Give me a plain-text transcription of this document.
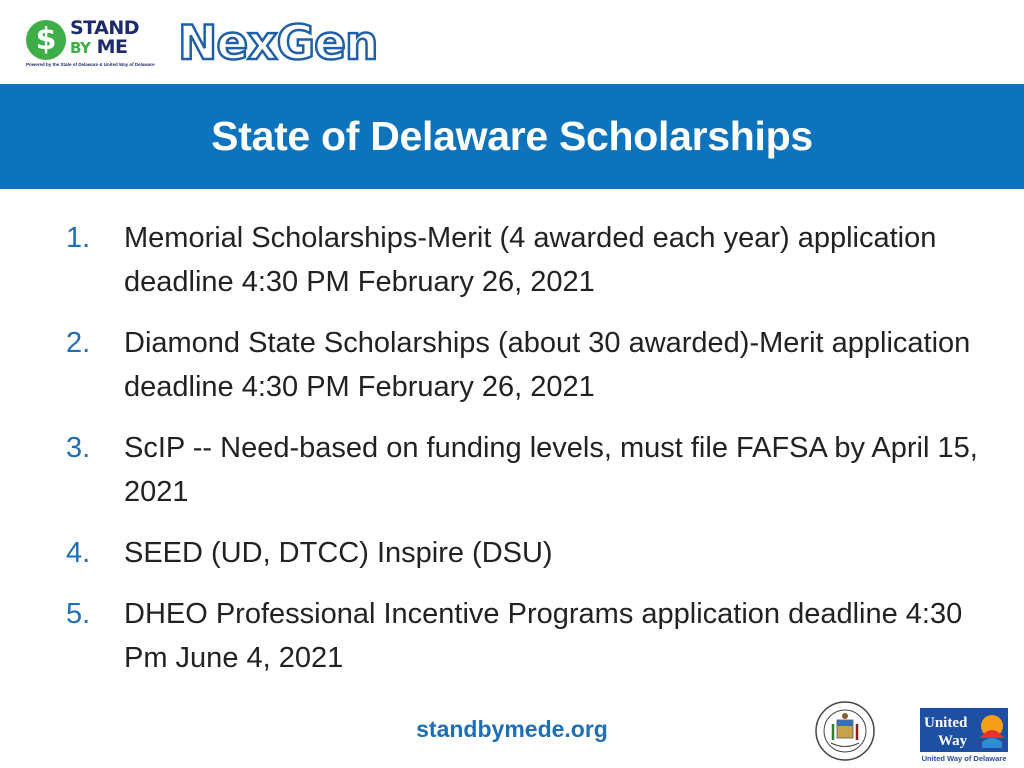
$ STAND
BY ME
Powered by the State of Delaware & United Way of Delaware NexGen
State of Delaware Scholarships
1.	Memorial Scholarships-Merit (4 awarded each year) application deadline 4:30 PM February 26, 2021
2.	Diamond State Scholarships (about 30 awarded)-Merit application deadline 4:30 PM February 26, 2021
3.	ScIP -- Need-based on funding levels, must file FAFSA by April 15, 2021
4.	SEED (UD, DTCC) Inspire (DSU)
5.	DHEO Professional Incentive Programs application deadline 4:30 Pm June 4, 2021
standbymede.org	United
Way
United Way of Delaware
